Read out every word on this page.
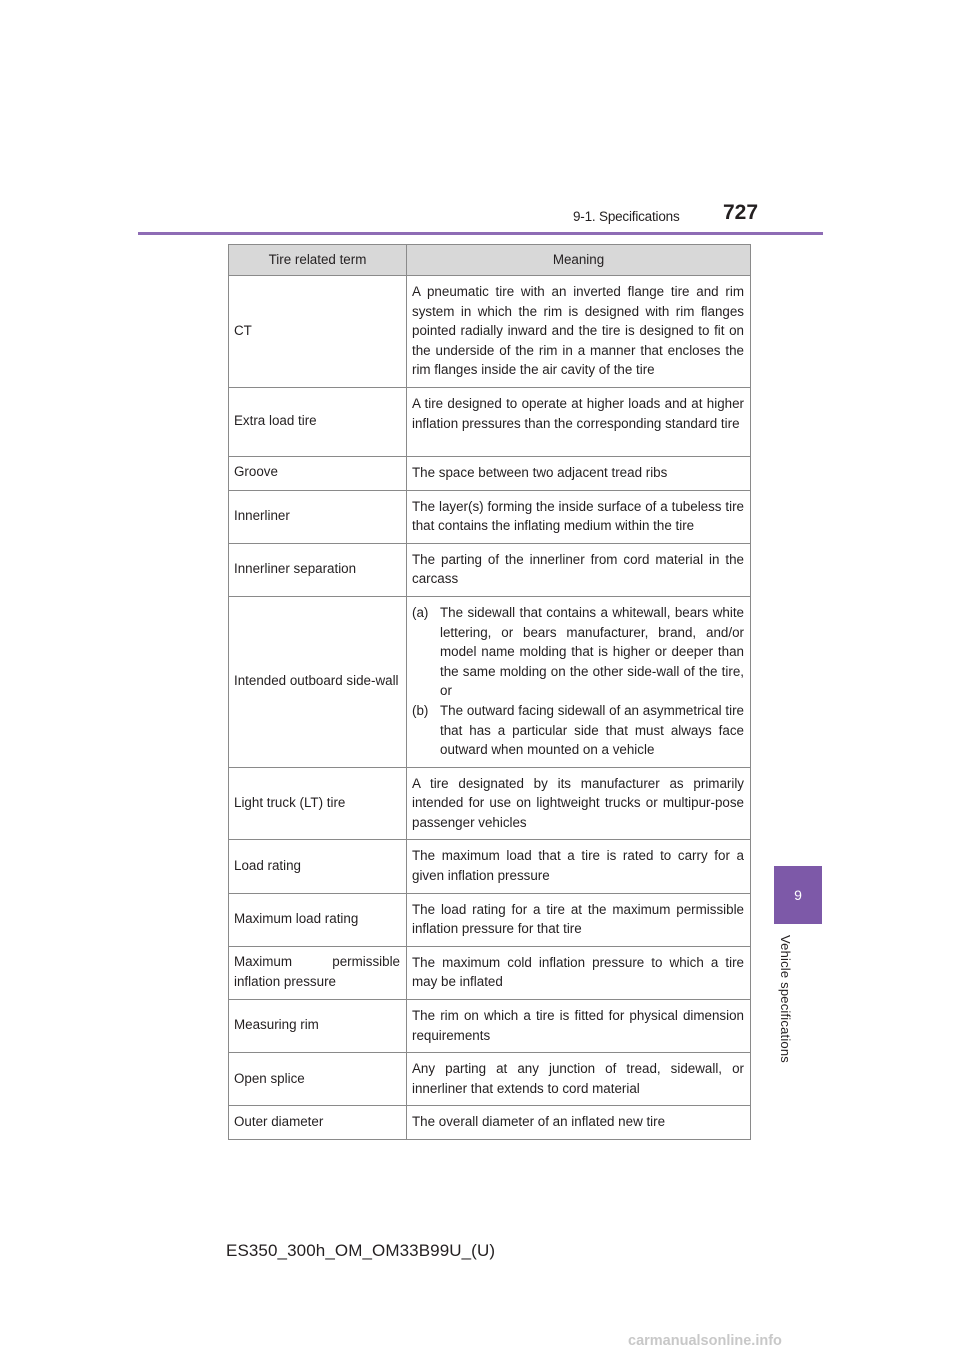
9-1. Specifications 727
9
Vehicle specifications
Tire related term	Meaning
CT	A pneumatic tire with an inverted flange tire and rim system in which the rim is designed with rim flanges pointed radially inward and the tire is designed to fit on the underside of the rim in a manner that encloses the rim flanges inside the air cavity of the tire
Extra load tire	A tire designed to operate at higher loads and at higher inflation pressures than the corresponding standard tire
Groove	The space between two adjacent tread ribs
Innerliner	The layer(s) forming the inside surface of a tubeless tire that contains the inflating medium within the tire
Innerliner separation	The parting of the innerliner from cord material in the carcass
Intended outboard side-wall	(a) The sidewall that contains a whitewall, bears white lettering, or bears manufacturer, brand, and/or model name molding that is higher or deeper than the same molding on the other side-wall of the tire, or
(b) The outward facing sidewall of an asymmetrical tire that has a particular side that must always face outward when mounted on a vehicle

Light truck (LT) tire	A tire designated by its manufacturer as primarily intended for use on lightweight trucks or multipur-pose passenger vehicles
Load rating	The maximum load that a tire is rated to carry for a given inflation pressure
Maximum load rating	The load rating for a tire at the maximum permissible inflation pressure for that tire
Maximum permissible inflation pressure	The maximum cold inflation pressure to which a tire may be inflated
Measuring rim	The rim on which a tire is fitted for physical dimension requirements
Open splice	Any parting at any junction of tread, sidewall, or innerliner that extends to cord material
Outer diameter	The overall diameter of an inflated new tire
ES350_300h_OM_OM33B99U_(U)
carmanualsonline.info
